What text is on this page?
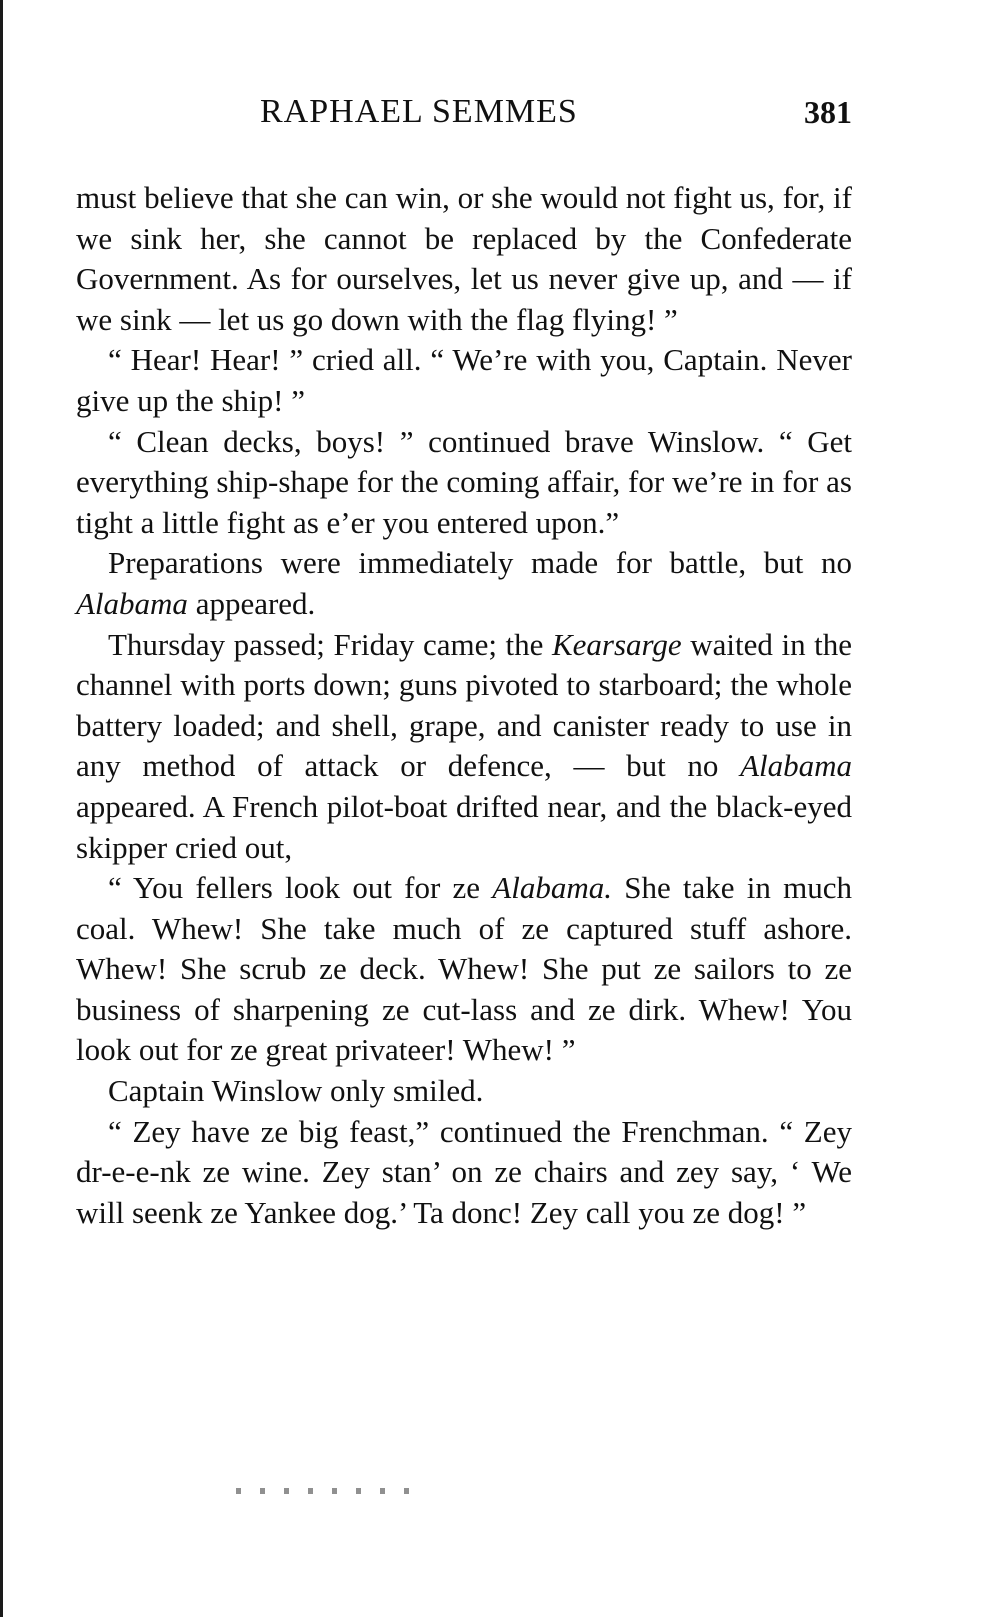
RAPHAEL SEMMES	381

must believe that she can win, or she would not fight us, for, if we sink her, she cannot be replaced by the Confederate Government. As for ourselves, let us never give up, and — if we sink — let us go down with the flag flying! ”

“ Hear! Hear! ” cried all. “ We’re with you, Captain. Never give up the ship! ”

“ Clean decks, boys! ” continued brave Winslow. “ Get everything ship-shape for the coming affair, for we’re in for as tight a little fight as e’er you entered upon.”

Preparations were immediately made for battle, but no Alabama appeared.

Thursday passed; Friday came; the Kearsarge waited in the channel with ports down; guns pivoted to starboard; the whole battery loaded; and shell, grape, and canister ready to use in any method of attack or defence, — but no Alabama appeared. A French pilot-boat drifted near, and the black-eyed skipper cried out,

“ You fellers look out for ze Alabama. She take in much coal. Whew! She take much of ze captured stuff ashore. Whew! She scrub ze deck. Whew! She put ze sailors to ze business of sharpening ze cut-lass and ze dirk. Whew! You look out for ze great privateer! Whew! ”

Captain Winslow only smiled.

“ Zey have ze big feast,” continued the Frenchman. “ Zey dr-e-e-nk ze wine. Zey stan’ on ze chairs and zey say, ‘ We will seenk ze Yankee dog.’ Ta donc! Zey call you ze dog! ”
